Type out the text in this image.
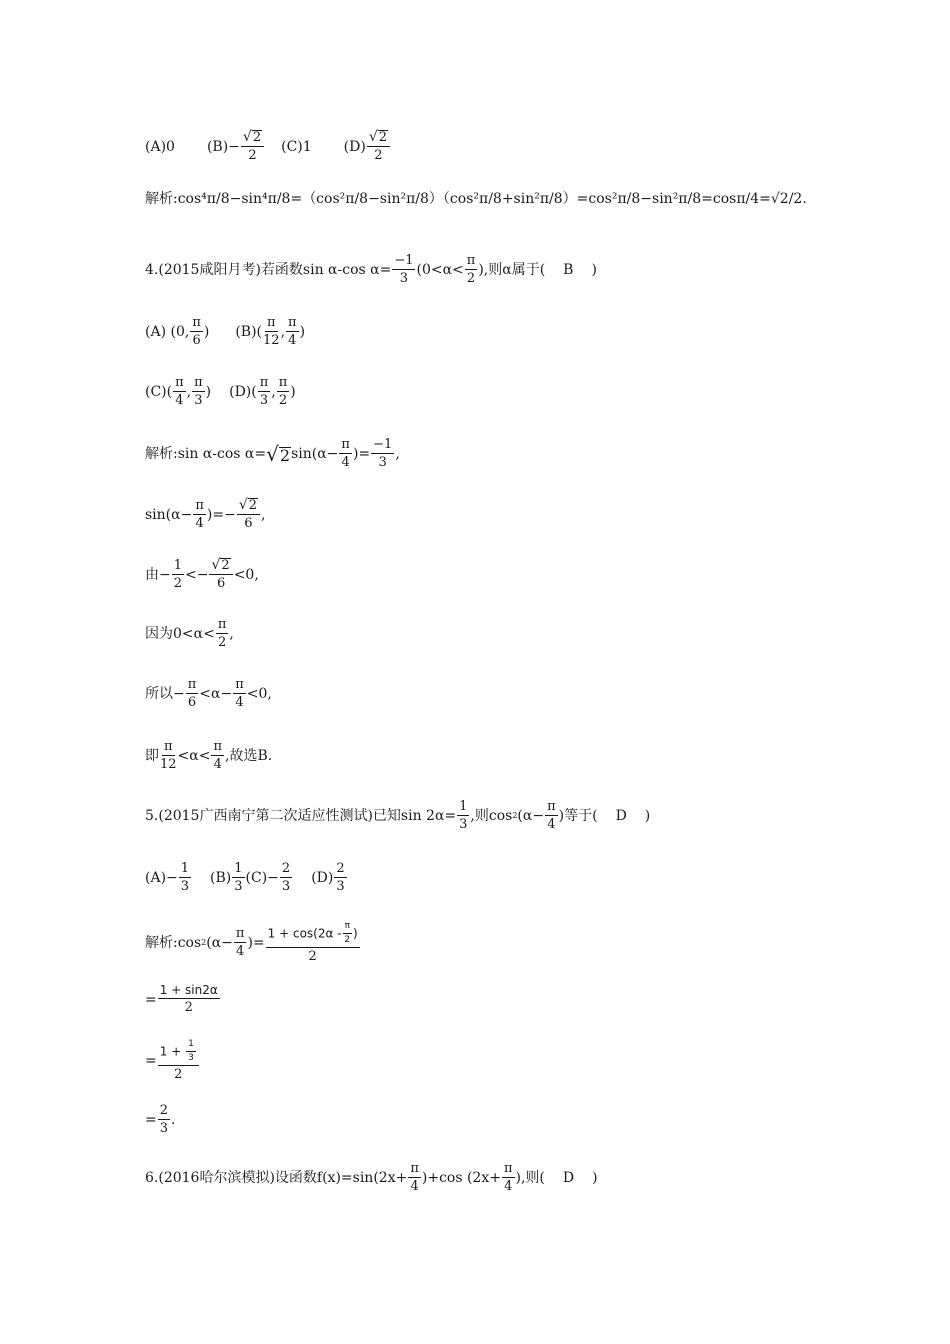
(A)0 $(B)- \frac{√ 2}{2} (C)1$ (D)
√ 2
2
解析: cos⁴π/8−sin⁴π/8=（cos²π/8−sin²π/8）（cos²π/8+sin²π/8）=cos²π/8−sin²π/8=cosπ/4=√2/2.
4.(2015咸阳月考)若函数sin α-cos $\alpha= \frac{-1}{3} (0<\alpha<$
π
2
),则α属于( B )
(A) (0,
π
6
) (B)(
π
12
,
π
4
)
(C)(
π
4
,
π
3
) (D)(
π
3
,
π
2
)
解析:sin α-cos α= √ 2 $\sin(\alpha- \frac{\pi}{4}$ )= $\frac{-1}{3}$ ,
$\sin(\alpha- \frac{\pi}{4}$ )=− $\frac{√ 2}{6}$ ,
由− $\frac{1}{2} <- \frac{√ 2}{6} <0$,
因为0<α<
π
2
,
所以− $\frac{\pi}{6} <\alpha- \frac{\pi}{4} <0$,
即
π
12
<α<
π
4
,故选B.
5.(2015广西南宁第二次适应性测试)已知$\sin 2\alpha= \frac{1}{3}$ ,则cos 2 ($\alpha- \frac{\pi}{4}$ )等于( D )
$(A)- \frac{1}{3} (B)$
1
3
$(C)- \frac{2}{3} (D)$
2
3
解析:cos 2 ($\alpha- \frac{\pi}{4}$ )= $\frac{1 + \cos(2\alpha - \frac{\pi}{2} )}{2}$
= $\frac{1 + \sin 2\alpha}{2}$
= $\frac{1 + \frac{1}{3}}{2}$
= $\frac{2}{3}$ .
6.(2016哈尔滨模拟)设函数$f(x)=\sin(2x+ \frac{\pi}{4} )+\cos$ ($2x+ \frac{\pi}{4}$ ),则( D )
